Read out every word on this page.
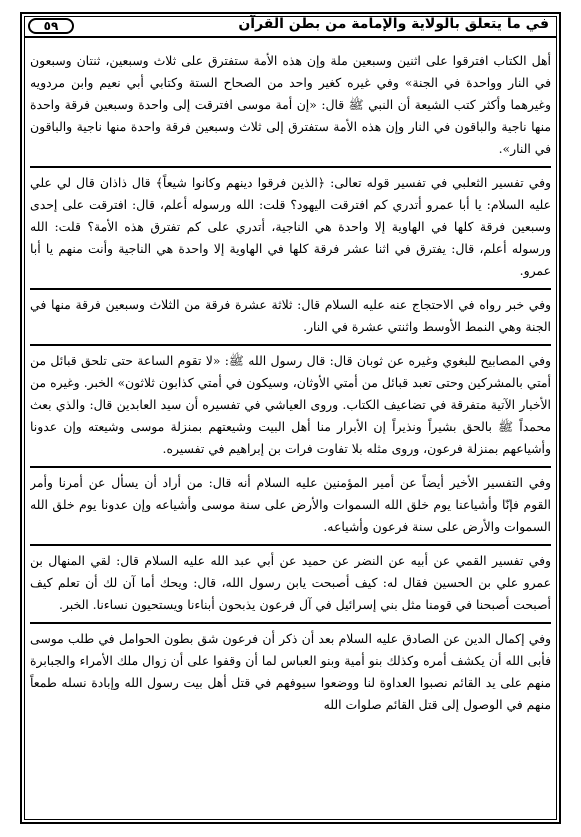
٥٩	في ما يتعلق بالولاية والإمامة من بطن القرآن

أهل الكتاب افترقوا على اثنين وسبعين ملة وإن هذه الأمة ستفترق على ثلاث وسبعين، ثنتان وسبعون في النار وواحدة في الجنة» وفي غيره كغير واحد من الصحاح الستة وكتابي أبي نعيم وابن مردويه وغيرهما وأكثر كتب الشيعة أن النبي ﷺ قال: «إن أمة موسى افترقت إلى واحدة وسبعين فرقة واحدة منها ناجية والباقون في النار وإن هذه الأمة ستفترق إلى ثلاث وسبعين فرقة واحدة منها ناجية والباقون في النار».

وفي تفسير الثعلبي في تفسير قوله تعالى: ﴿الذين فرقوا دينهم وكانوا شيعاً﴾ قال ذاذان قال لي علي عليه السلام: يا أبا عمرو أتدري كم افترقت اليهود؟ قلت: الله ورسوله أعلم، قال: افترقت على إحدى وسبعين فرقة كلها في الهاوية إلا واحدة هي الناجية، أتدري على كم تفترق هذه الأمة؟ قلت: الله ورسوله أعلم، قال: يفترق في اثنا عشر فرقة كلها في الهاوية إلا واحدة هي الناجية وأنت منهم يا أبا عمرو.

وفي خبر رواه في الاحتجاج عنه عليه السلام قال: ثلاثة عشرة فرقة من الثلاث وسبعين فرقة منها في الجنة وهي النمط الأوسط واثنتي عشرة في النار.

وفي المصابيح للبغوي وغيره عن ثوبان قال: قال رسول الله ﷺ: «لا تقوم الساعة حتى تلحق قبائل من أمتي بالمشركين وحتى تعبد قبائل من أمتي الأوثان، وسيكون في أمتي كذابون ثلاثون» الخبر. وغيره من الأخبار الآتية متفرقة في تضاعيف الكتاب. وروى العياشي في تفسيره أن سيد العابدين قال: والذي بعث محمداً ﷺ بالحق بشيراً ونذيراً إن الأبرار منا أهل البيت وشيعتهم بمنزلة موسى وشيعته وإن عدونا وأشياعهم بمنزلة فرعون، وروى مثله بلا تفاوت فرات بن إبراهيم في تفسيره.

وفي التفسير الأخير أيضاً عن أمير المؤمنين عليه السلام أنه قال: من أراد أن يسأل عن أمرنا وأمر القوم فإنّا وأشياعنا يوم خلق الله السموات والأرض على سنة موسى وأشياعه وإن عدونا يوم خلق الله السموات والأرض على سنة فرعون وأشياعه.

وفي تفسير القمي عن أبيه عن النضر عن حميد عن أبي عبد الله عليه السلام قال: لقي المنهال بن عمرو علي بن الحسين فقال له: كيف أصبحت يابن رسول الله، قال: ويحك أما آن لك أن تعلم كيف أصبحت أصبحنا في قومنا مثل بني إسرائيل في آل فرعون يذبحون أبناءنا ويستحيون نساءنا. الخبر.

وفي إكمال الدين عن الصادق عليه السلام بعد أن ذكر أن فرعون شق بطون الحوامل في طلب موسى فأبى الله أن يكشف أمره وكذلك بنو أمية وبنو العباس لما أن وقفوا على أن زوال ملك الأمراء والجبابرة منهم على يد القائم نصبوا العداوة لنا ووضعوا سيوفهم في قتل أهل بيت رسول الله وإبادة نسله طمعاً منهم في الوصول إلى قتل القائم صلوات الله
